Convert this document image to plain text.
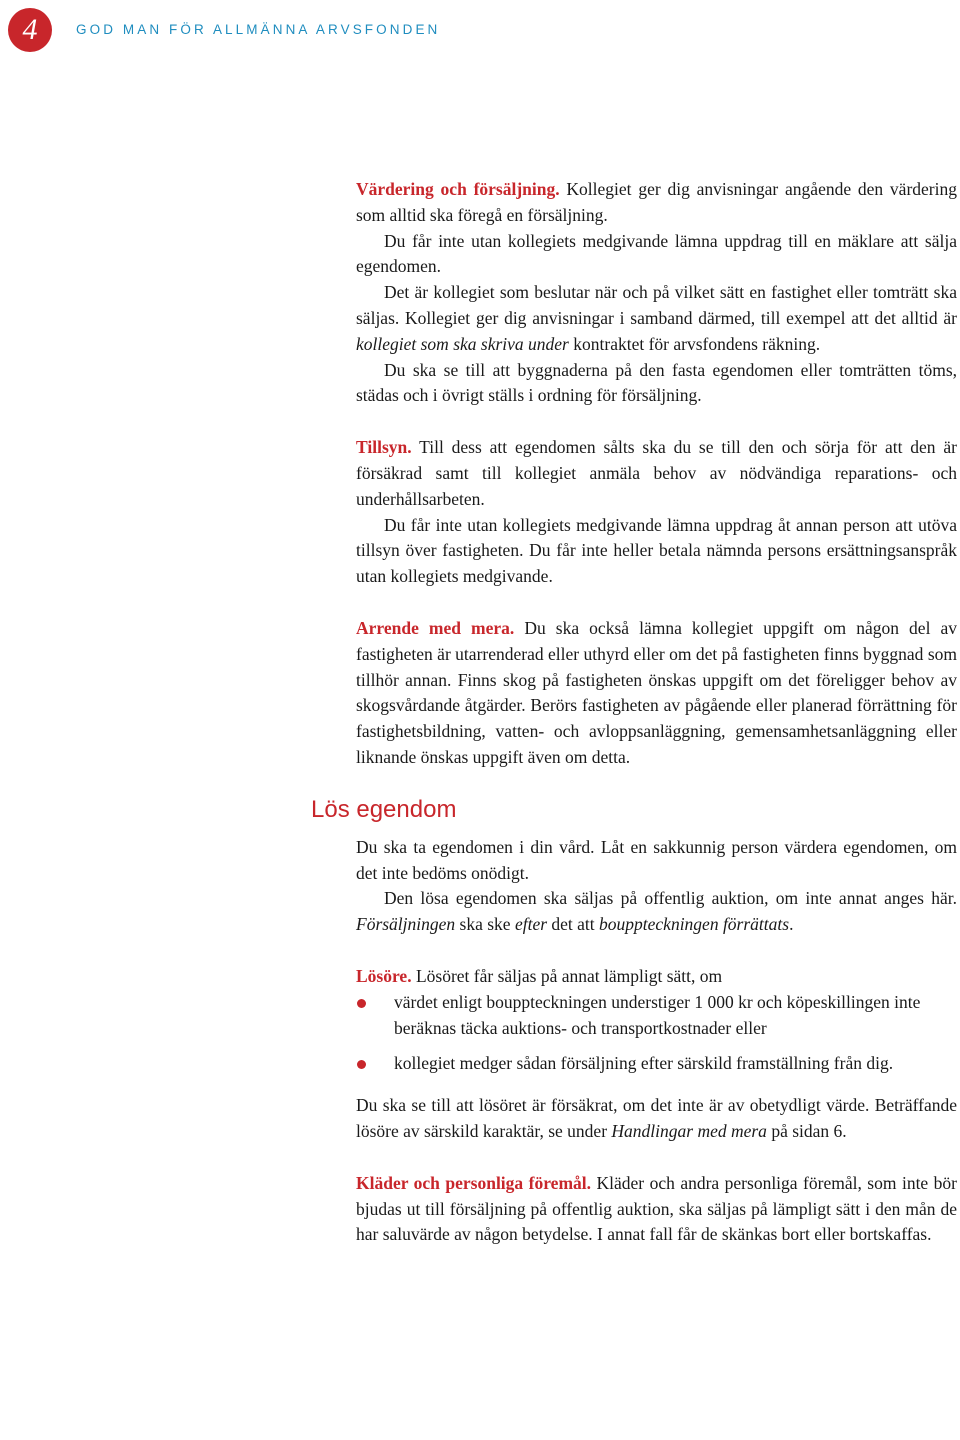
4	GOD MAN FÖR ALLMÄNNA ARVSFONDEN

Värdering och försäljning. Kollegiet ger dig anvisningar angående den värdering som alltid ska föregå en försäljning.

Du får inte utan kollegiets medgivande lämna uppdrag till en mäklare att sälja egendomen.

Det är kollegiet som beslutar när och på vilket sätt en fastighet eller tomträtt ska säljas. Kollegiet ger dig anvisningar i samband därmed, till exempel att det alltid är kollegiet som ska skriva under kontraktet för arvsfondens räkning.

Du ska se till att byggnaderna på den fasta egendomen eller tomträtten töms, städas och i övrigt ställs i ordning för försäljning.

Tillsyn. Till dess att egendomen sålts ska du se till den och sörja för att den är försäkrad samt till kollegiet anmäla behov av nödvändiga reparations- och underhållsarbeten.

Du får inte utan kollegiets medgivande lämna uppdrag åt annan person att utöva tillsyn över fastigheten. Du får inte heller betala nämnda persons ersättningsanspråk utan kollegiets medgivande.

Arrende med mera. Du ska också lämna kollegiet uppgift om någon del av fastigheten är utarrenderad eller uthyrd eller om det på fastigheten finns byggnad som tillhör annan. Finns skog på fastigheten önskas uppgift om det föreligger behov av skogsvårdande åtgärder. Berörs fastigheten av pågående eller planerad förrättning för fastighetsbildning, vatten- och avloppsanläggning, gemensamhetsanläggning eller liknande önskas uppgift även om detta.

Lös egendom

Du ska ta egendomen i din vård. Låt en sakkunnig person värdera egendomen, om det inte bedöms onödigt.

Den lösa egendomen ska säljas på offentlig auktion, om inte annat anges här. Försäljningen ska ske efter det att bouppteckningen förrättats.

Lösöre. Lösöret får säljas på annat lämpligt sätt, om

värdet enligt bouppteckningen understiger 1 000 kr och köpeskillingen inte beräknas täcka auktions- och transportkostnader eller
kollegiet medger sådan försäljning efter särskild framställning från dig.

Du ska se till att lösöret är försäkrat, om det inte är av obetydligt värde. Beträffande lösöre av särskild karaktär, se under Handlingar med mera på sidan 6.

Kläder och personliga föremål. Kläder och andra personliga föremål, som inte bör bjudas ut till försäljning på offentlig auktion, ska säljas på lämpligt sätt i den mån de har saluvärde av någon betydelse. I annat fall får de skänkas bort eller bortskaffas.
